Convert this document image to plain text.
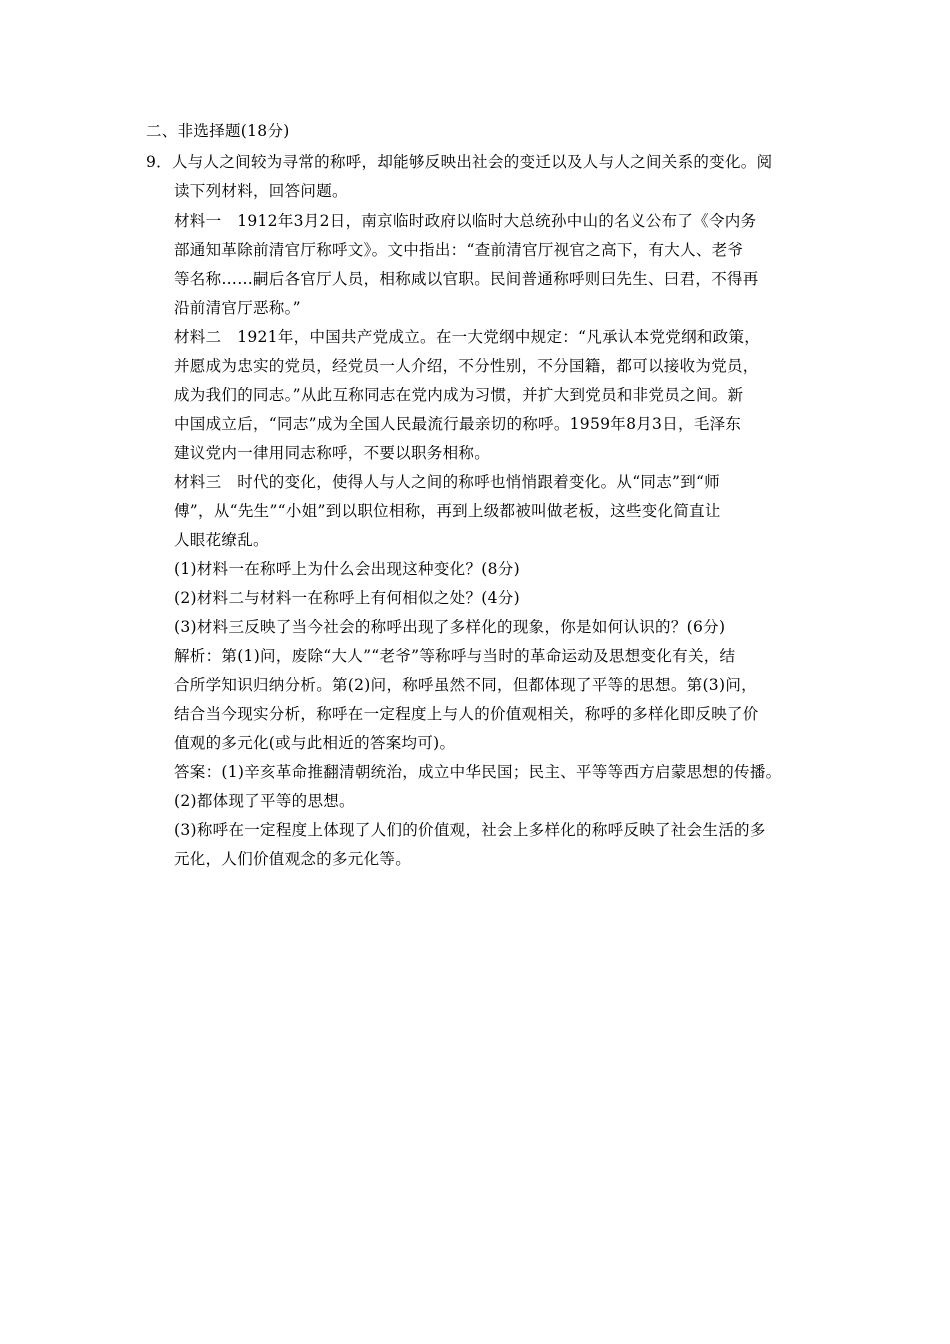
二、非选择题(18分)
9．人与人之间较为寻常的称呼，却能够反映出社会的变迁以及人与人之间关系的变化。阅
读下列材料，回答问题。
材料一　1912年3月2日，南京临时政府以临时大总统孙中山的名义公布了《令内务
部通知革除前清官厅称呼文》。文中指出：“查前清官厅视官之高下，有大人、老爷
等名称……嗣后各官厅人员，相称咸以官职。民间普通称呼则曰先生、曰君，不得再
沿前清官厅恶称。”
材料二　1921年，中国共产党成立。在一大党纲中规定：“凡承认本党党纲和政策，
并愿成为忠实的党员，经党员一人介绍，不分性别，不分国籍，都可以接收为党员，
成为我们的同志。”从此互称同志在党内成为习惯，并扩大到党员和非党员之间。新
中国成立后，“同志”成为全国人民最流行最亲切的称呼。1959年8月3日，毛泽东
建议党内一律用同志称呼，不要以职务相称。
材料三　时代的变化，使得人与人之间的称呼也悄悄跟着变化。从“同志”到“师
傅”，从“先生”“小姐”到以职位相称，再到上级都被叫做老板，这些变化简直让
人眼花缭乱。
(1)材料一在称呼上为什么会出现这种变化？(8分)
(2)材料二与材料一在称呼上有何相似之处？(4分)
(3)材料三反映了当今社会的称呼出现了多样化的现象，你是如何认识的？(6分)
解析：第(1)问，废除“大人”“老爷”等称呼与当时的革命运动及思想变化有关，结
合所学知识归纳分析。第(2)问，称呼虽然不同，但都体现了平等的思想。第(3)问，
结合当今现实分析，称呼在一定程度上与人的价值观相关，称呼的多样化即反映了价
值观的多元化(或与此相近的答案均可)。
答案：(1)辛亥革命推翻清朝统治，成立中华民国；民主、平等等西方启蒙思想的传播。
(2)都体现了平等的思想。
(3)称呼在一定程度上体现了人们的价值观，社会上多样化的称呼反映了社会生活的多
元化，人们价值观念的多元化等。
